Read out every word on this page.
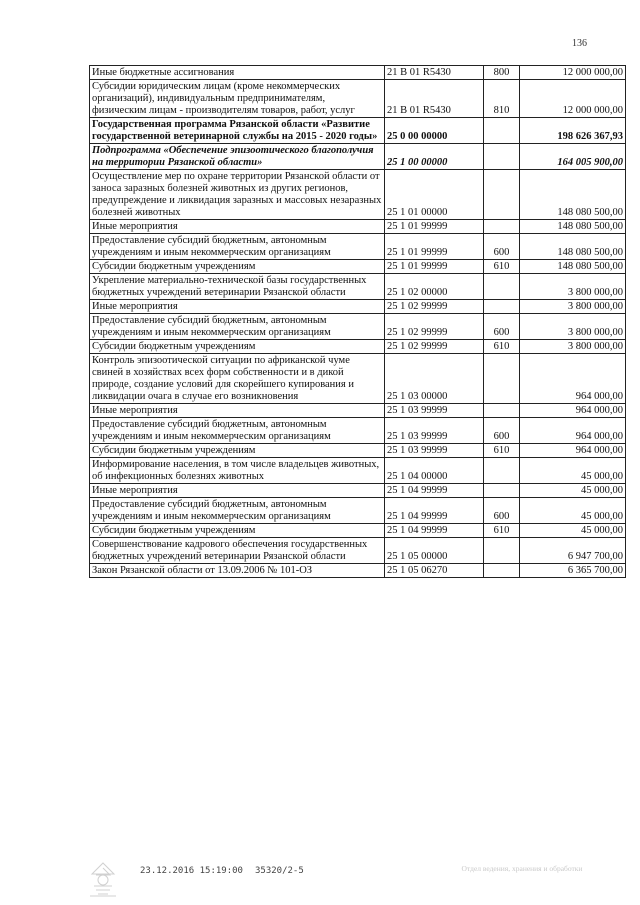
136
Иные бюджетные ассигнования	21 В 01 R5430	800	12 000 000,00
Субсидии юридическим лицам (кроме некоммерческих организаций), индивидуальным предпринимателям, физическим лицам - производителям товаров, работ, услуг	21 В 01 R5430	810	12 000 000,00
Государственная программа Рязанской области «Развитие государственной ветеринарной службы на 2015 - 2020 годы»	25 0 00 00000		198 626 367,93
Подпрограмма «Обеспечение эпизоотического благополучия на территории Рязанской области»	25 1 00 00000		164 005 900,00
Осуществление мер по охране территории Рязанской области от заноса заразных болезней животных из других регионов, предупреждение и ликвидация заразных и массовых незаразных болезней животных	25 1 01 00000		148 080 500,00
Иные мероприятия	25 1 01 99999		148 080 500,00
Предоставление субсидий бюджетным, автономным учреждениям и иным некоммерческим организациям	25 1 01 99999	600	148 080 500,00
Субсидии бюджетным учреждениям	25 1 01 99999	610	148 080 500,00
Укрепление материально-технической базы государственных бюджетных учреждений ветеринарии Рязанской области	25 1 02 00000		3 800 000,00
Иные мероприятия	25 1 02 99999		3 800 000,00
Предоставление субсидий бюджетным, автономным учреждениям и иным некоммерческим организациям	25 1 02 99999	600	3 800 000,00
Субсидии бюджетным учреждениям	25 1 02 99999	610	3 800 000,00
Контроль эпизоотической ситуации по африканской чуме свиней в хозяйствах всех форм собственности и в дикой природе, создание условий для скорейшего купирования и ликвидации очага в случае его возникновения	25 1 03 00000		964 000,00
Иные мероприятия	25 1 03 99999		964 000,00
Предоставление субсидий бюджетным, автономным учреждениям и иным некоммерческим организациям	25 1 03 99999	600	964 000,00
Субсидии бюджетным учреждениям	25 1 03 99999	610	964 000,00
Информирование населения, в том числе владельцев животных, об инфекционных болезнях животных	25 1 04 00000		45 000,00
Иные мероприятия	25 1 04 99999		45 000,00
Предоставление субсидий бюджетным, автономным учреждениям и иным некоммерческим организациям	25 1 04 99999	600	45 000,00
Субсидии бюджетным учреждениям	25 1 04 99999	610	45 000,00
Совершенствование кадрового обеспечения государственных бюджетных учреждений ветеринарии Рязанской области	25 1 05 00000		6 947 700,00
Закон Рязанской области от 13.09.2006 № 101-ОЗ	25 1 05 06270		6 365 700,00
23.12.2016 15:19:00 35320/2-5	Отдел ведения, хранения и обработки
